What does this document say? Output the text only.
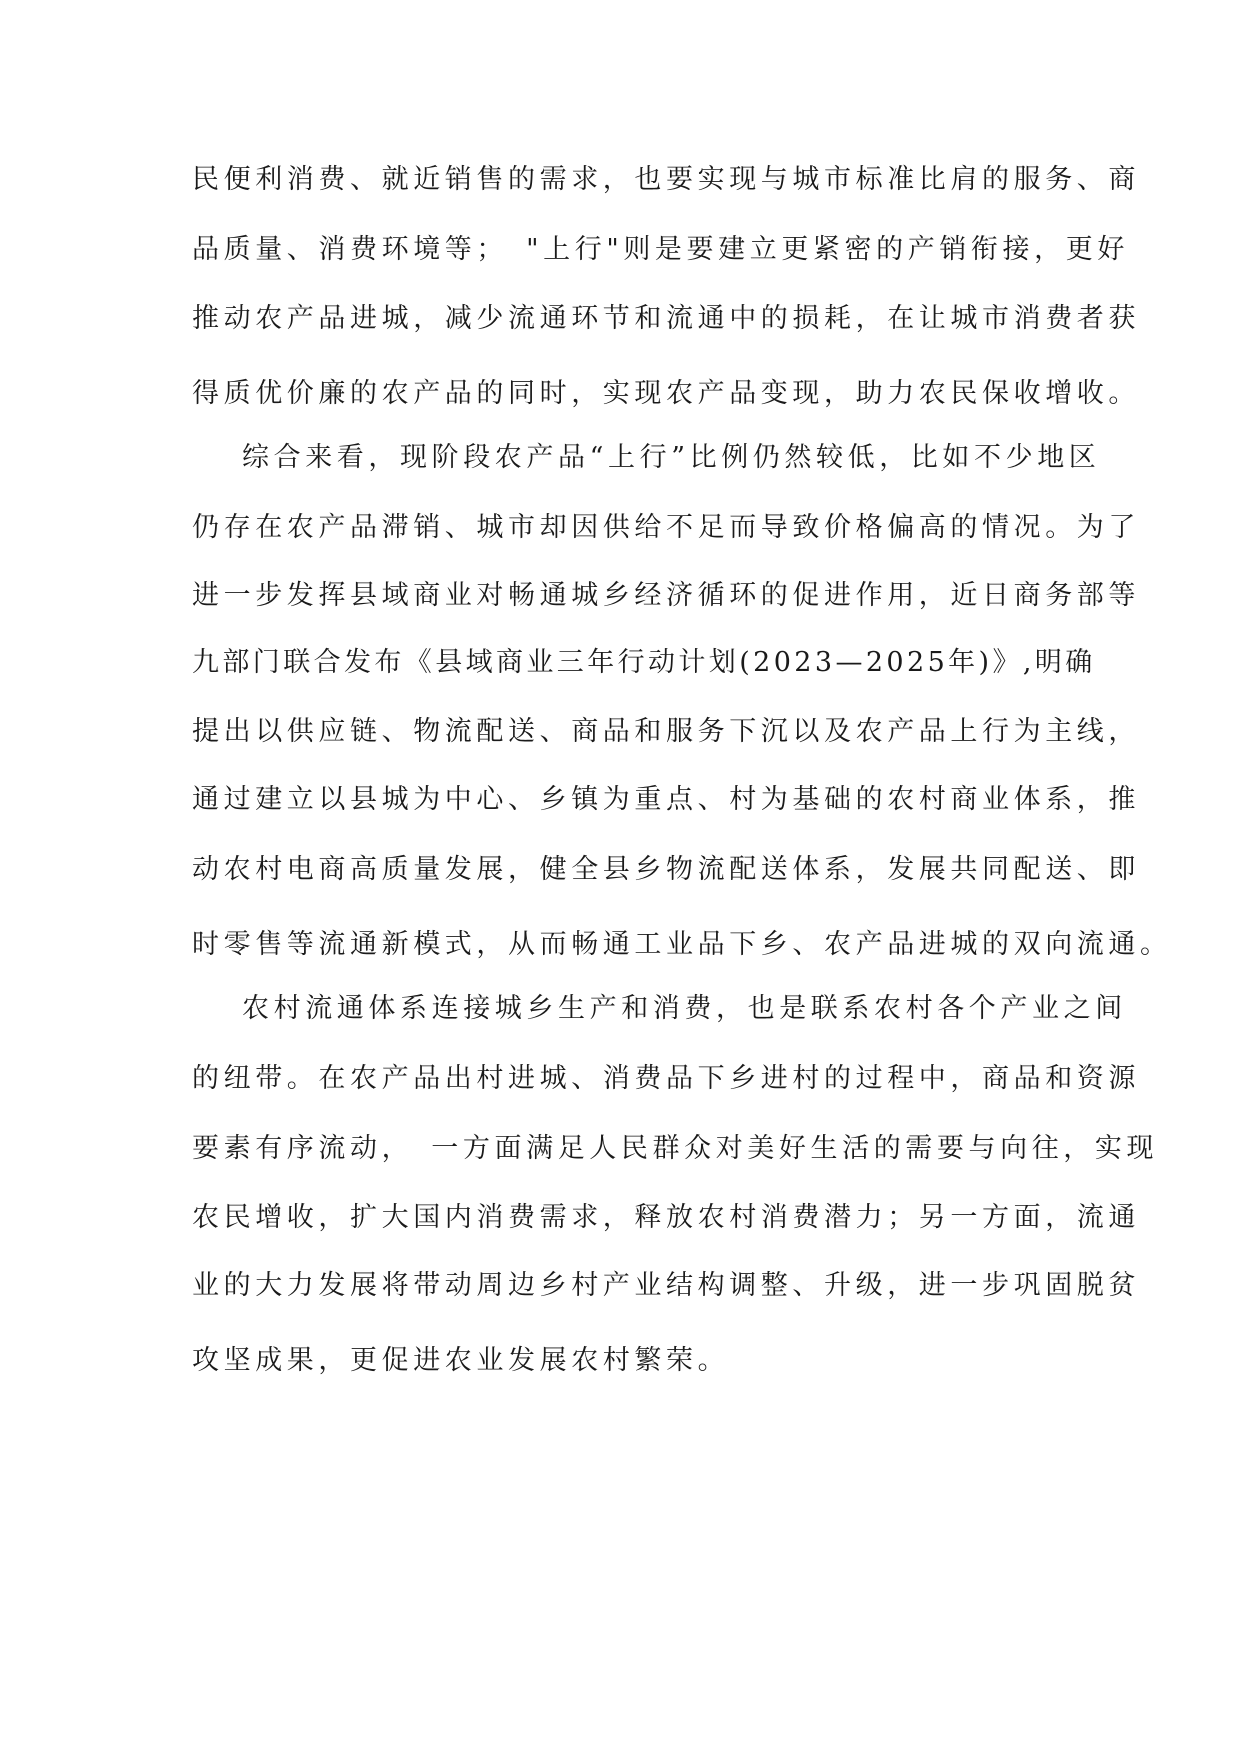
民便利消费、就近销售的需求，也要实现与城市标准比肩的服务、商
品质量、消费环境等；　"上行"则是要建立更紧密的产销衔接，更好
推动农产品进城，减少流通环节和流通中的损耗，在让城市消费者获
得质优价廉的农产品的同时，实现农产品变现，助力农民保收增收。
综合来看，现阶段农产品“上行”比例仍然较低，比如不少地区
仍存在农产品滞销、城市却因供给不足而导致价格偏高的情况。为了
进一步发挥县域商业对畅通城乡经济循环的促进作用，近日商务部等
九部门联合发布《县域商业三年行动计划(2023—2025年)》,明确
提出以供应链、物流配送、商品和服务下沉以及农产品上行为主线，
通过建立以县城为中心、乡镇为重点、村为基础的农村商业体系，推
动农村电商高质量发展，健全县乡物流配送体系，发展共同配送、即
时零售等流通新模式，从而畅通工业品下乡、农产品进城的双向流通。
农村流通体系连接城乡生产和消费，也是联系农村各个产业之间
的纽带。在农产品出村进城、消费品下乡进村的过程中，商品和资源
要素有序流动，　一方面满足人民群众对美好生活的需要与向往，实现
农民增收，扩大国内消费需求，释放农村消费潜力；另一方面，流通
业的大力发展将带动周边乡村产业结构调整、升级，进一步巩固脱贫
攻坚成果，更促进农业发展农村繁荣。
